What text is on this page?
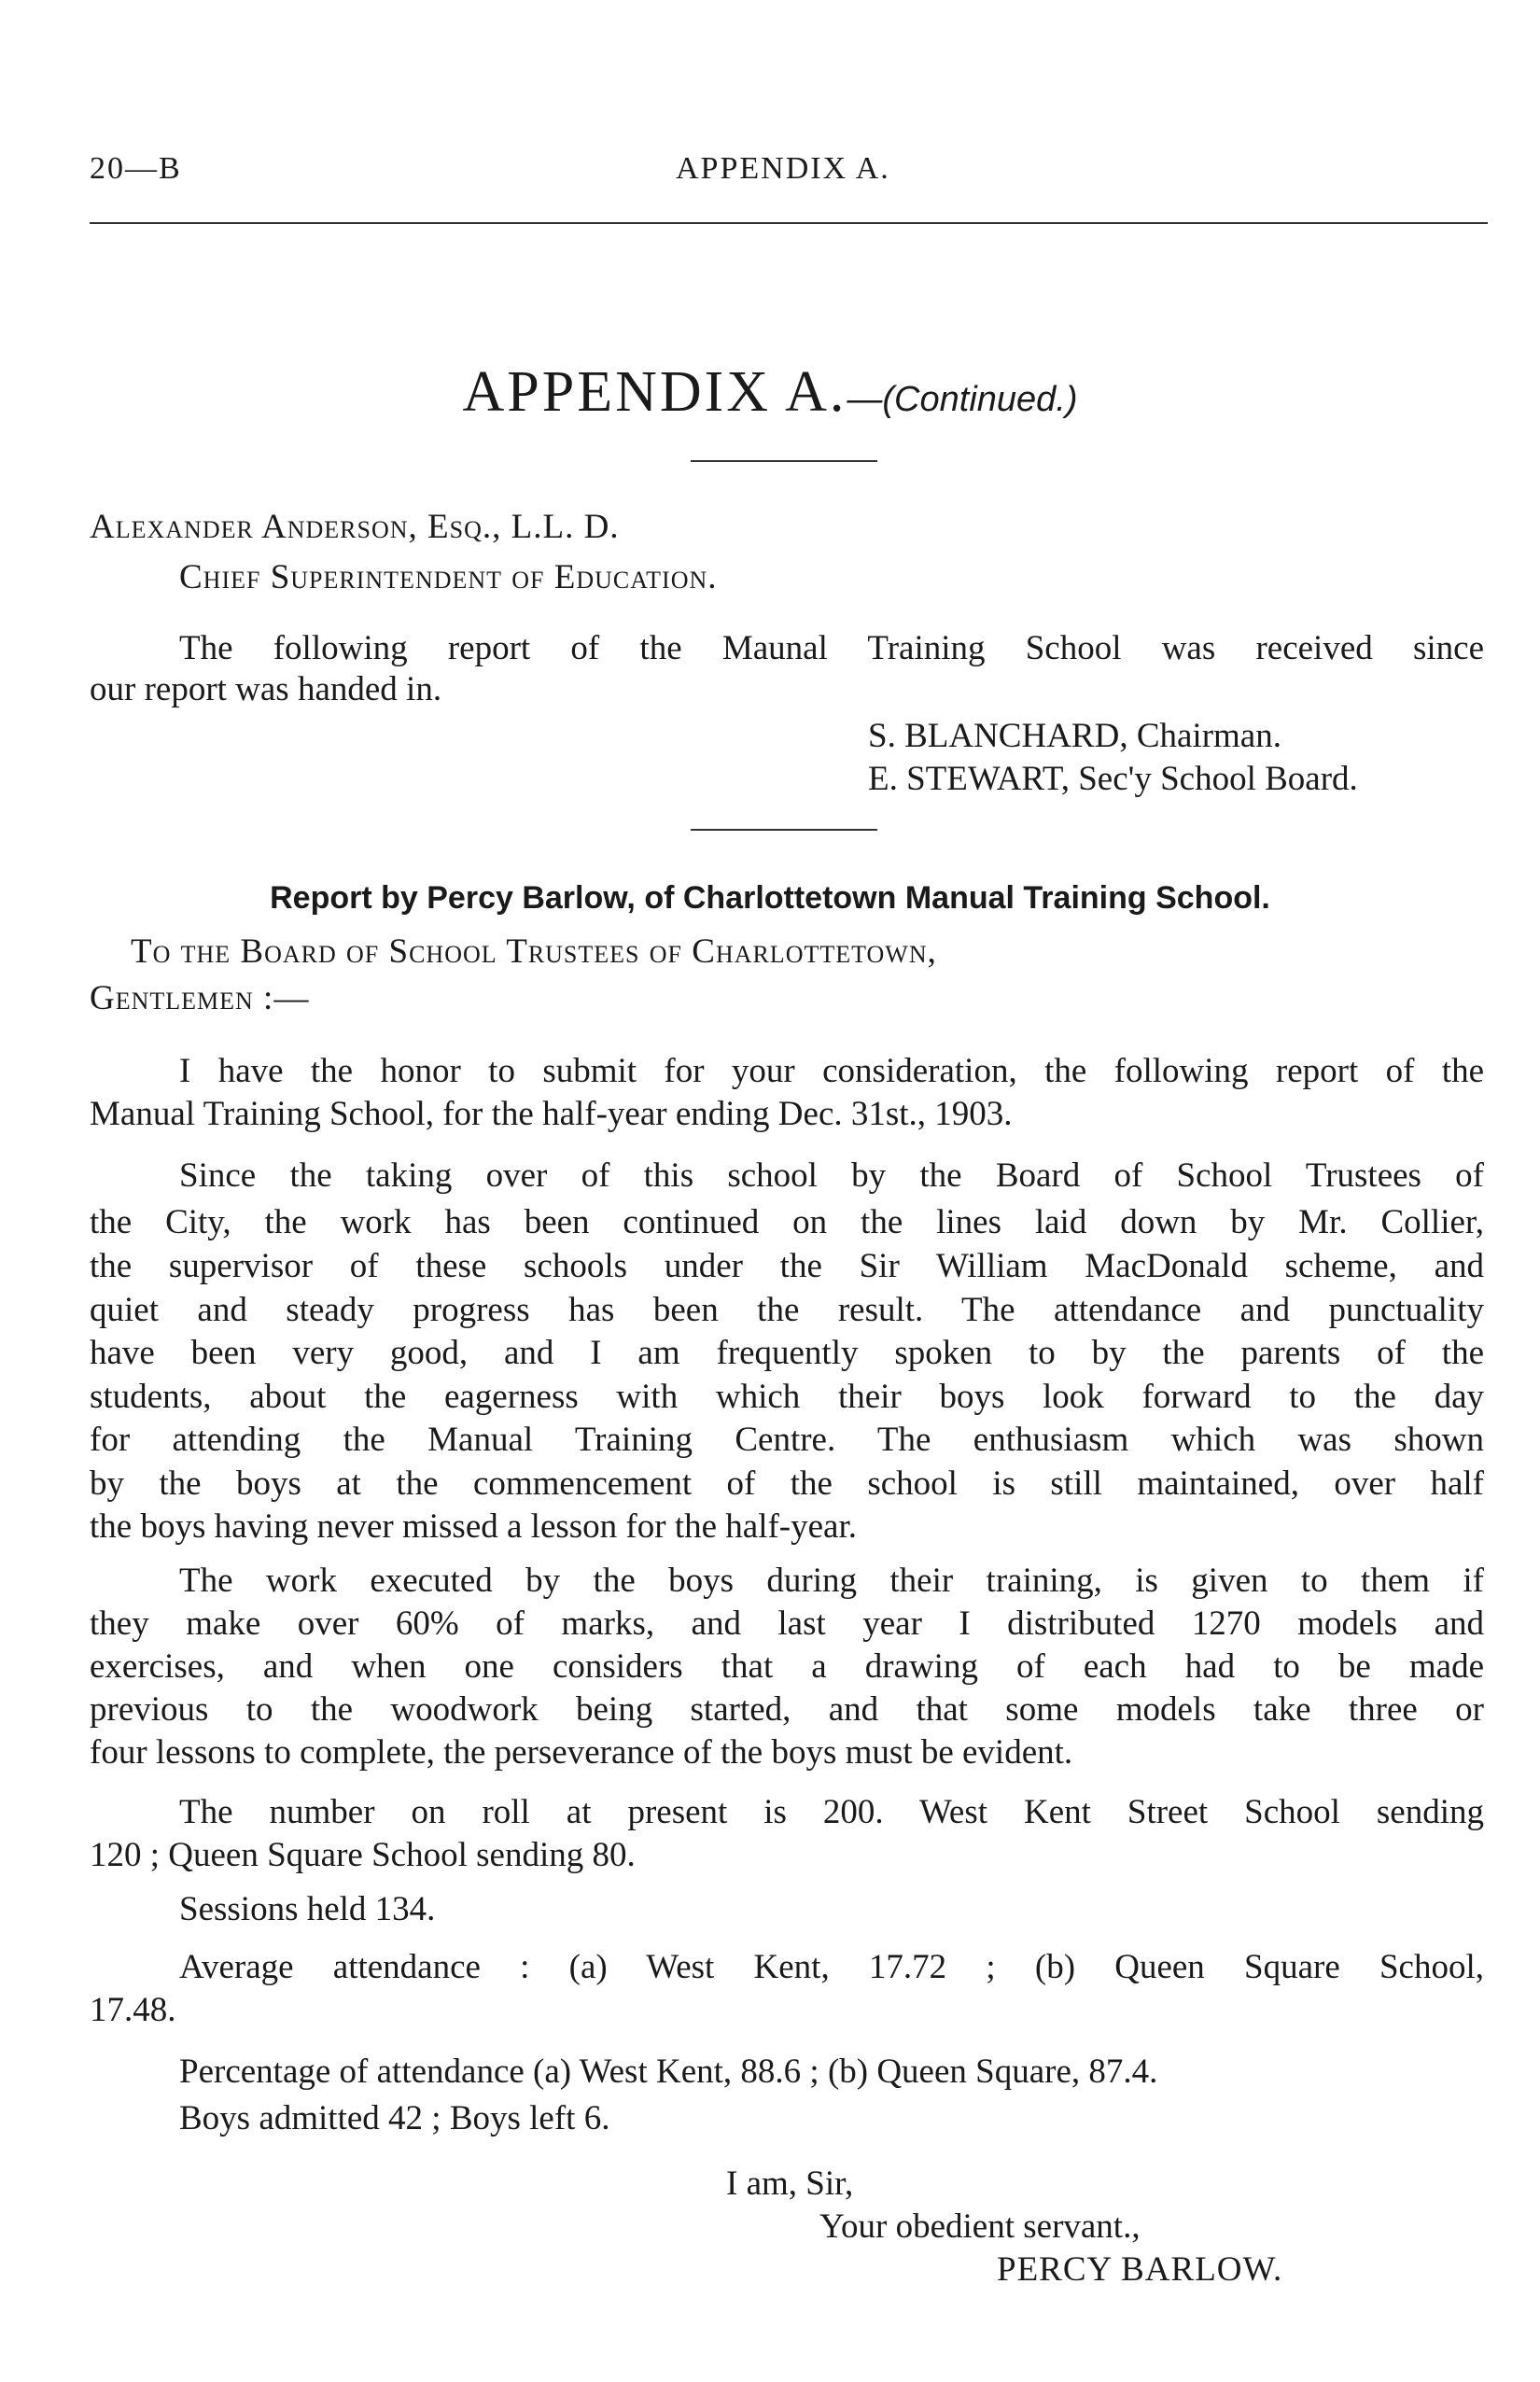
20—B	APPENDIX A.
APPENDIX A.—(Continued.)
Alexander Anderson, Esq., L.L. D.
Chief Superintendent of Education.
The following report of the Maunal Training School was received since
our report was handed in.
S. BLANCHARD, Chairman.
E. STEWART, Sec'y School Board.
Report by Percy Barlow, of Charlottetown Manual Training School.
To the Board of School Trustees of Charlottetown,
Gentlemen :—
I have the honor to submit for your consideration, the following report of the
Manual Training School, for the half-year ending Dec. 31st., 1903.
Since the taking over of this school by the Board of School Trustees of
the City, the work has been continued on the lines laid down by Mr. Collier,
the supervisor of these schools under the Sir William MacDonald scheme, and
quiet and steady progress has been the result. The attendance and punctuality
have been very good, and I am frequently spoken to by the parents of the
students, about the eagerness with which their boys look forward to the day
for attending the Manual Training Centre. The enthusiasm which was shown
by the boys at the commencement of the school is still maintained, over half
the boys having never missed a lesson for the half-year.
The work executed by the boys during their training, is given to them if
they make over 60% of marks, and last year I distributed 1270 models and
exercises, and when one considers that a drawing of each had to be made
previous to the woodwork being started, and that some models take three or
four lessons to complete, the perseverance of the boys must be evident.
The number on roll at present is 200. West Kent Street School sending
120 ; Queen Square School sending 80.
Sessions held 134.
Average attendance : (a) West Kent, 17.72 ; (b) Queen Square School,
17.48.
Percentage of attendance (a) West Kent, 88.6 ; (b) Queen Square, 87.4.
Boys admitted 42 ; Boys left 6.
I am, Sir,
Your obedient servant.,
PERCY BARLOW.
